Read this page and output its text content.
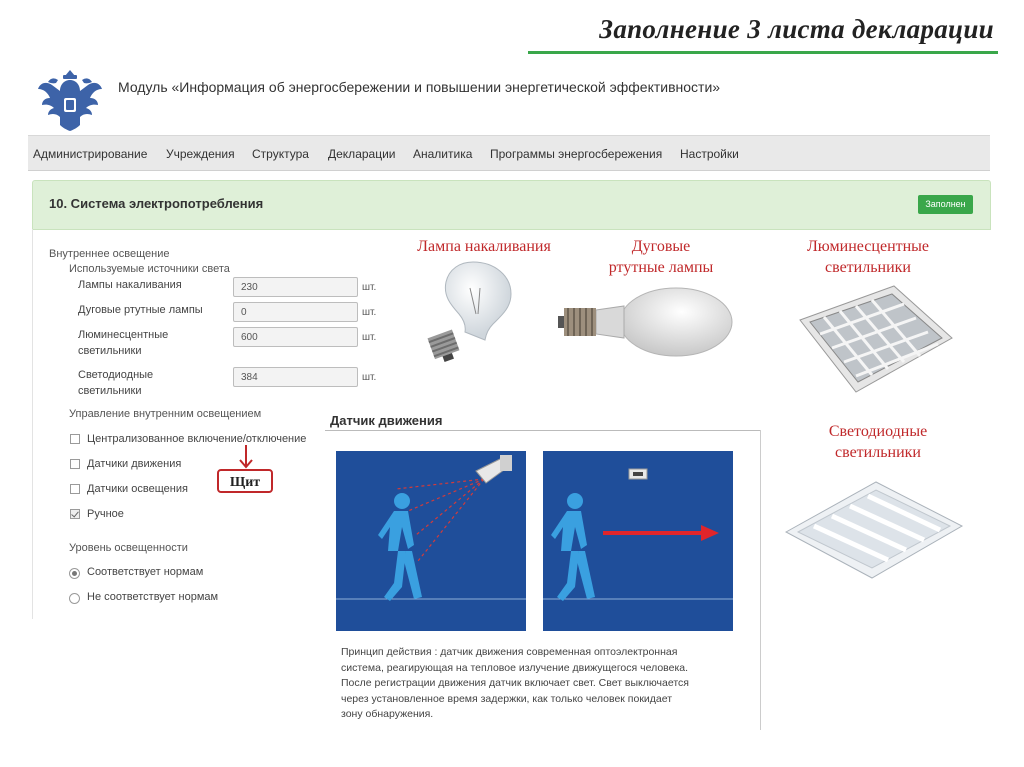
Заполнение 3 листа декларации
Модуль «Информация об энергосбережении и повышении энергетической эффективности»
Администрирование Учреждения Структура Декларации Аналитика Программы энергосбережения Настройки
10. Система электропотребления	Заполнен
Внутреннее освещение
Используемые источники света
Лампы накаливания	230	шт.
Дуговые ртутные лампы	0	шт.
Люминесцентные
светильники
600	шт.
Светодиодные
светильники
384	шт.
Управление внутренним освещением
Централизованное включение/отключение
Датчики движения
Датчики освещения
Ручное
Уровень освещенности
Соответствует нормам
Не соответствует нормам
Щит
Лампа накаливания	Дуговые
ртутные лампы
Люминесцентные
светильники
Светодиодные
светильники
Датчик движения
Принцип действия : датчик движения современная оптоэлектронная
система, реагирующая на тепловое излучение движущегося человека.
После регистрации движения датчик включает свет. Свет выключается
через установленное время задержки, как только человек покидает
зону обнаружения.
